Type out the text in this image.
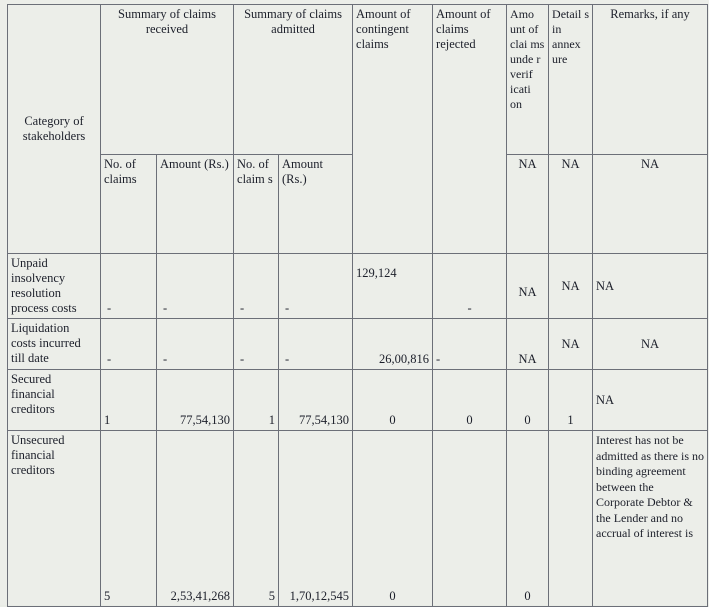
Category of stakeholders	Summary of claims received		Summary of claims admitted		Amount of contingent claims	Amount of claims rejected	Amo unt of clai ms unde r verif icati on	Detail s in annex ure	Remarks, if any
	No. of claims	Amount (Rs.)	No. of claim s	Amount (Rs.)			NA	NA	NA
Unpaid insolvency resolution process costs	-	-	-	-	129,124	-	NA	NA	NA
Liquidation costs incurred till date	-	-	-	-	26,00,816	-	NA	NA	NA
Secured financial creditors	1	77,54,130	1	77,54,130	0	0	0	1	NA
Unsecured financial creditors	5	2,53,41,268	5	1,70,12,545	0		0		Interest has not be admitted as there is no binding agreement between the Corporate Debtor & the Lender and no accrual of interest is
